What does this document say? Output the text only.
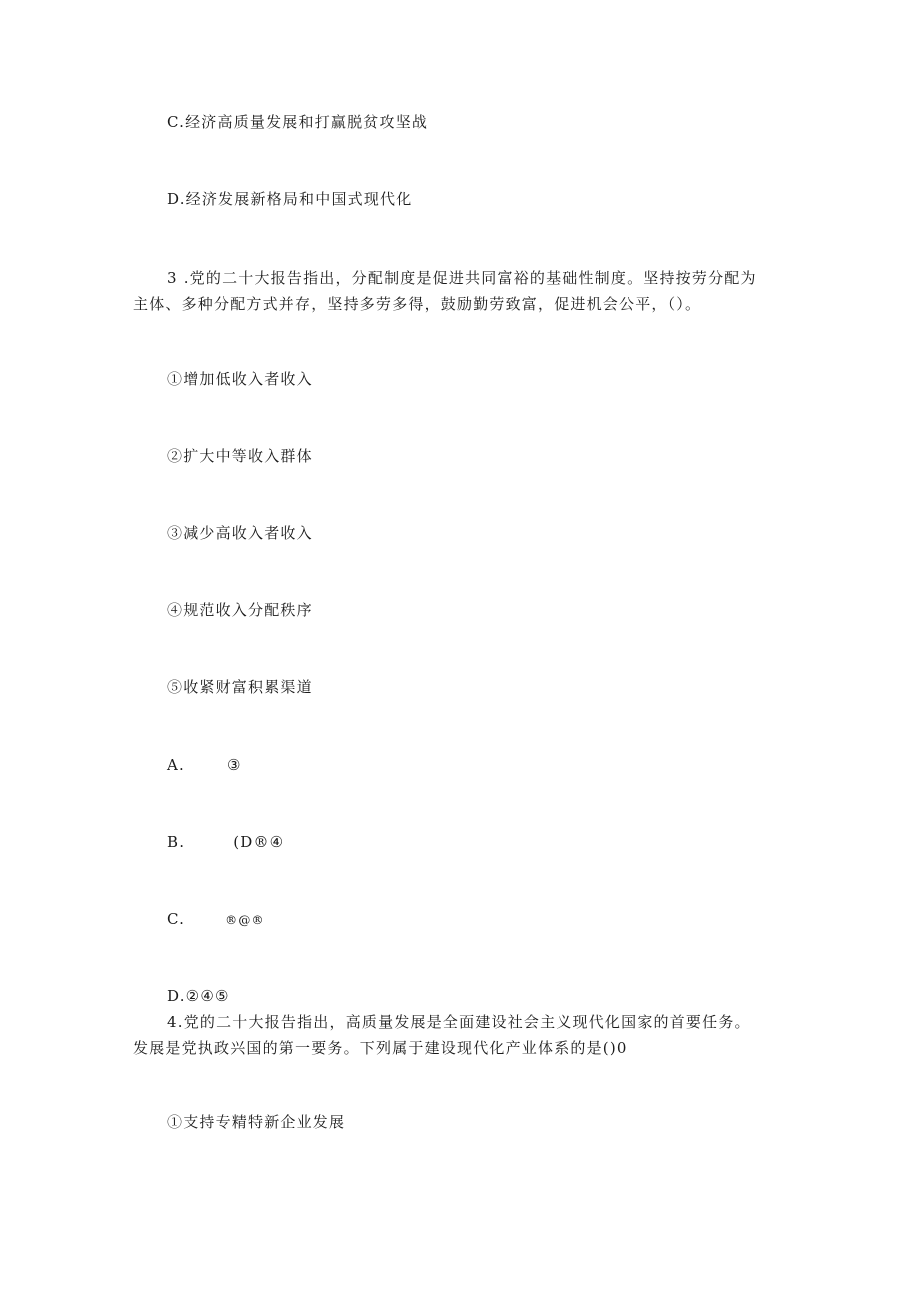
C.经济高质量发展和打赢脱贫攻坚战
D.经济发展新格局和中国式现代化
3 .党的二十大报告指出，分配制度是促进共同富裕的基础性制度。坚持按劳分配为
主体、多种分配方式并存，坚持多劳多得，鼓励勤劳致富，促进机会公平，（）。
①增加低收入者收入
②扩大中等收入群体
③减少高收入者收入
④规范收入分配秩序
⑤收紧财富积累渠道
A.	③
B.	(D®④
C.	®@®
D.②④⑤
4.党的二十大报告指出，高质量发展是全面建设社会主义现代化国家的首要任务。
发展是党执政兴国的第一要务。下列属于建设现代化产业体系的是()0
①支持专精特新企业发展
